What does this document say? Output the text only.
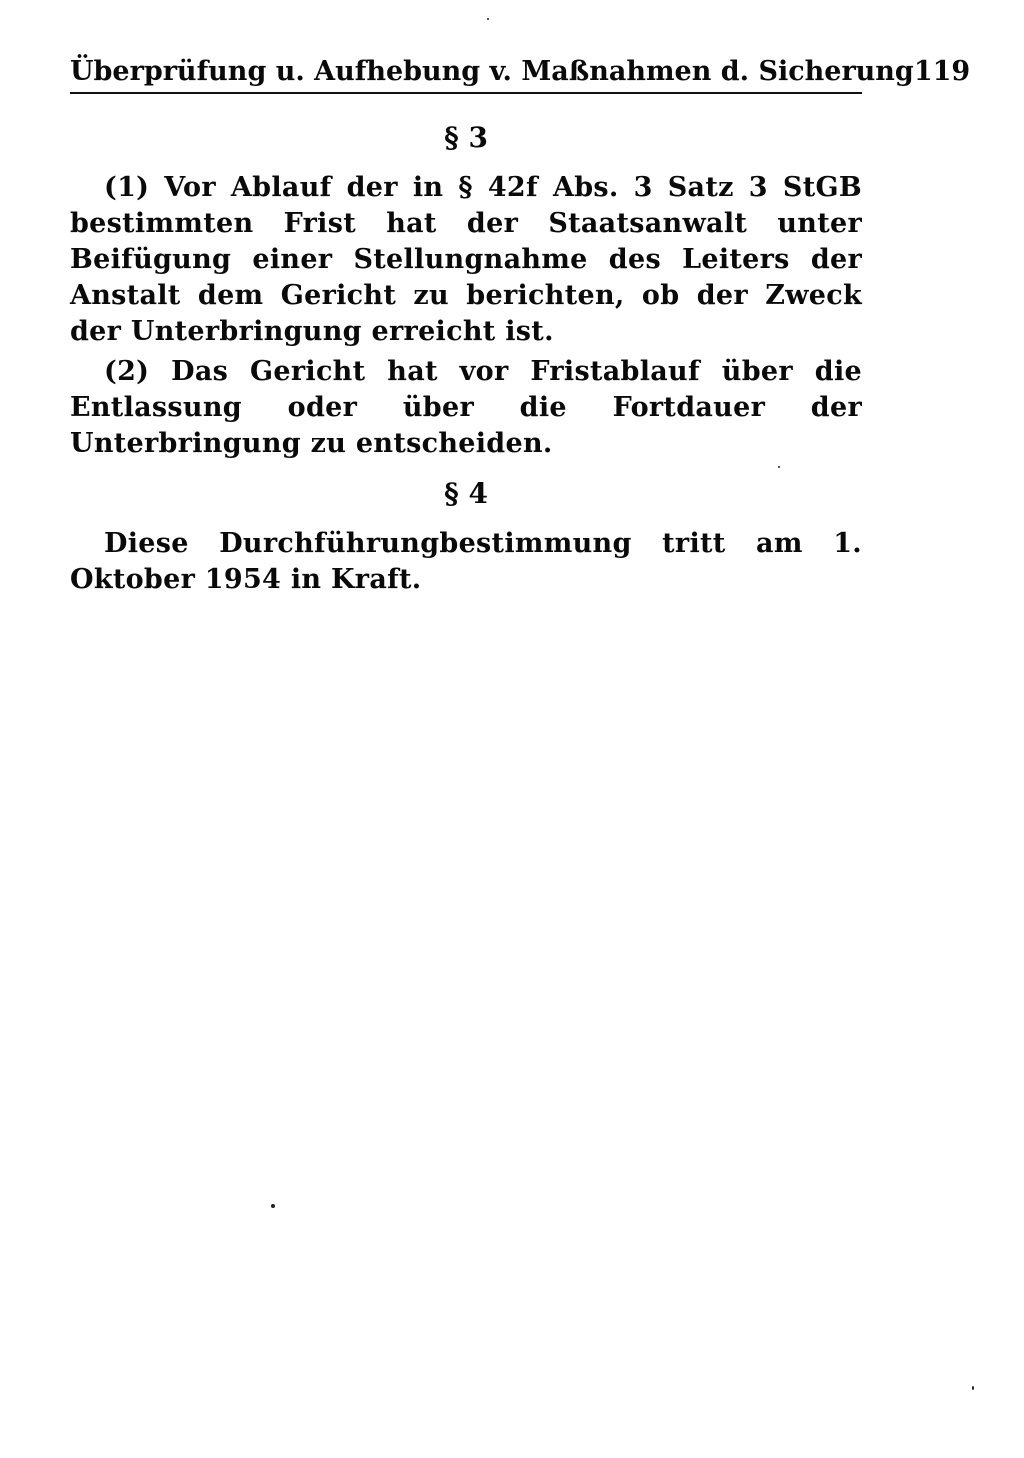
Überprüfung u. Aufhebung v. Maßnahmen d. Sicherung 119
§ 3

(1) Vor Ablauf der in § 42f Abs. 3 Satz 3 StGB bestimmten Frist hat der Staatsanwalt unter Beifügung einer Stellungnahme des Leiters der Anstalt dem Gericht zu berichten, ob der Zweck der Unterbringung erreicht ist.

(2) Das Gericht hat vor Fristablauf über die Entlassung oder über die Fortdauer der Unterbringung zu entscheiden.

§ 4

Diese Durchführungbestimmung tritt am 1. Oktober 1954 in Kraft.
